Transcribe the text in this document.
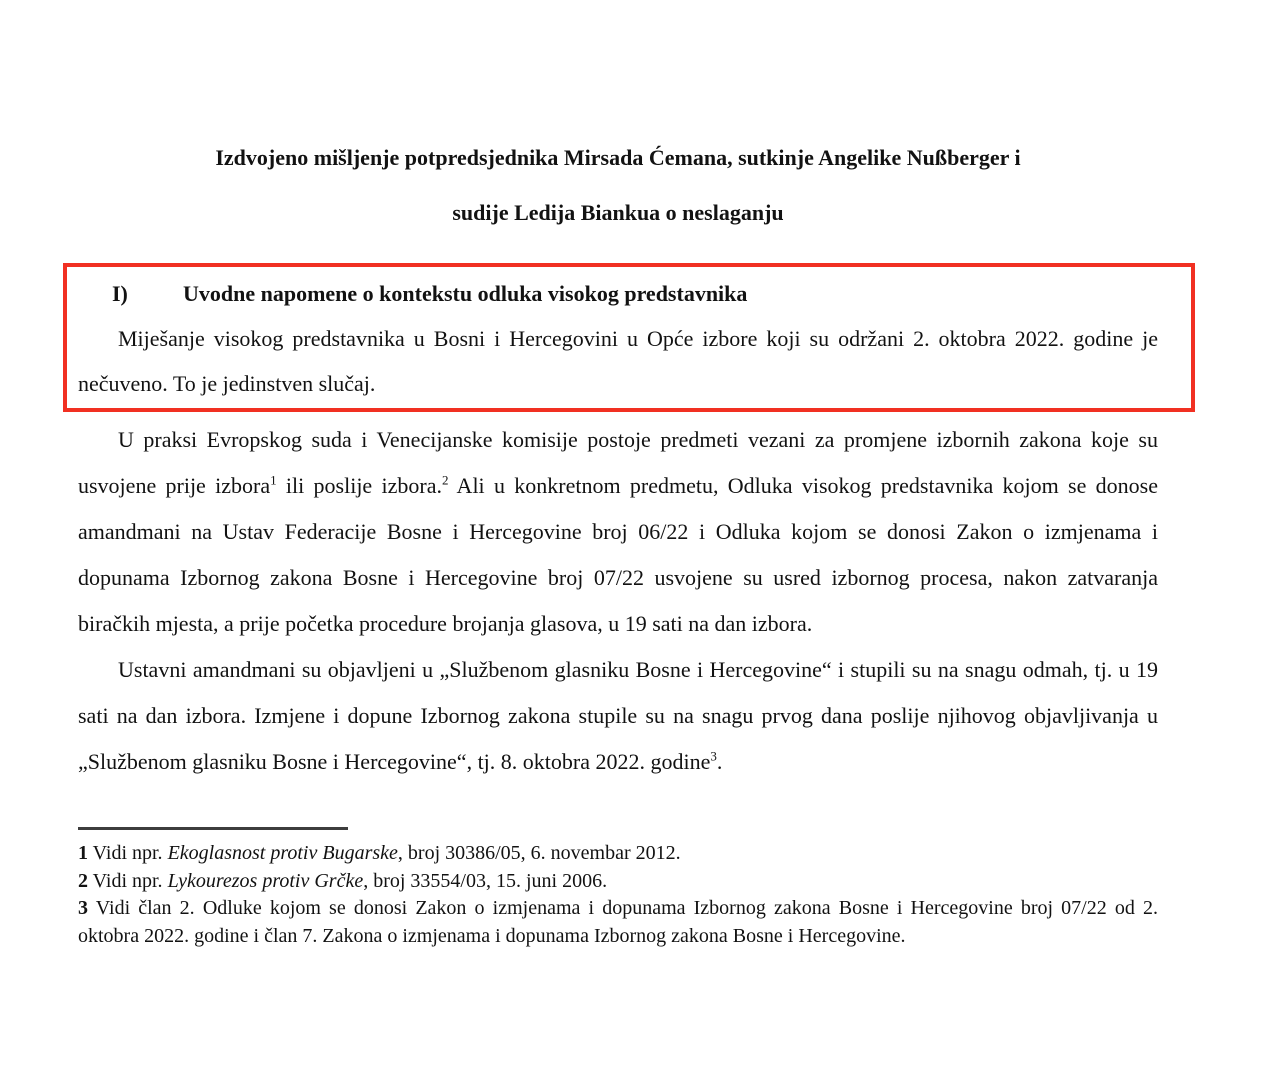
Izdvojeno mišljenje potpredsjednika Mirsada Ćemana, sutkinje Angelike Nußberger i
sudije Ledija Biankua o neslaganju
I)	Uvodne napomene o kontekstu odluka visokog predstavnika

Miješanje visokog predstavnika u Bosni i Hercegovini u Opće izbore koji su održani 2. oktobra 2022. godine je nečuveno. To je jedinstven slučaj.

U praksi Evropskog suda i Venecijanske komisije postoje predmeti vezani za promjene izbornih zakona koje su usvojene prije izbora$^1$ ili poslije izbora.$^2$ Ali u konkretnom predmetu, Odluka visokog predstavnika kojom se donose amandmani na Ustav Federacije Bosne i Hercegovine broj 06/22 i Odluka kojom se donosi Zakon o izmjenama i dopunama Izbornog zakona Bosne i Hercegovine broj 07/22 usvojene su usred izbornog procesa, nakon zatvaranja biračkih mjesta, a prije početka procedure brojanja glasova, u 19 sati na dan izbora.

Ustavni amandmani su objavljeni u „Službenom glasniku Bosne i Hercegovine“ i stupili su na snagu odmah, tj. u 19 sati na dan izbora. Izmjene i dopune Izbornog zakona stupile su na snagu prvog dana poslije njihovog objavljivanja u „Službenom glasniku Bosne i Hercegovine“, tj. 8. oktobra 2022. godine$^3$.

1 Vidi npr. Ekoglasnost protiv Bugarske, broj 30386/05, 6. novembar 2012.

2 Vidi npr. Lykourezos protiv Grčke, broj 33554/03, 15. juni 2006.

3 Vidi član 2. Odluke kojom se donosi Zakon o izmjenama i dopunama Izbornog zakona Bosne i Hercegovine broj 07/22 od 2. oktobra 2022. godine i član 7. Zakona o izmjenama i dopunama Izbornog zakona Bosne i Hercegovine.
